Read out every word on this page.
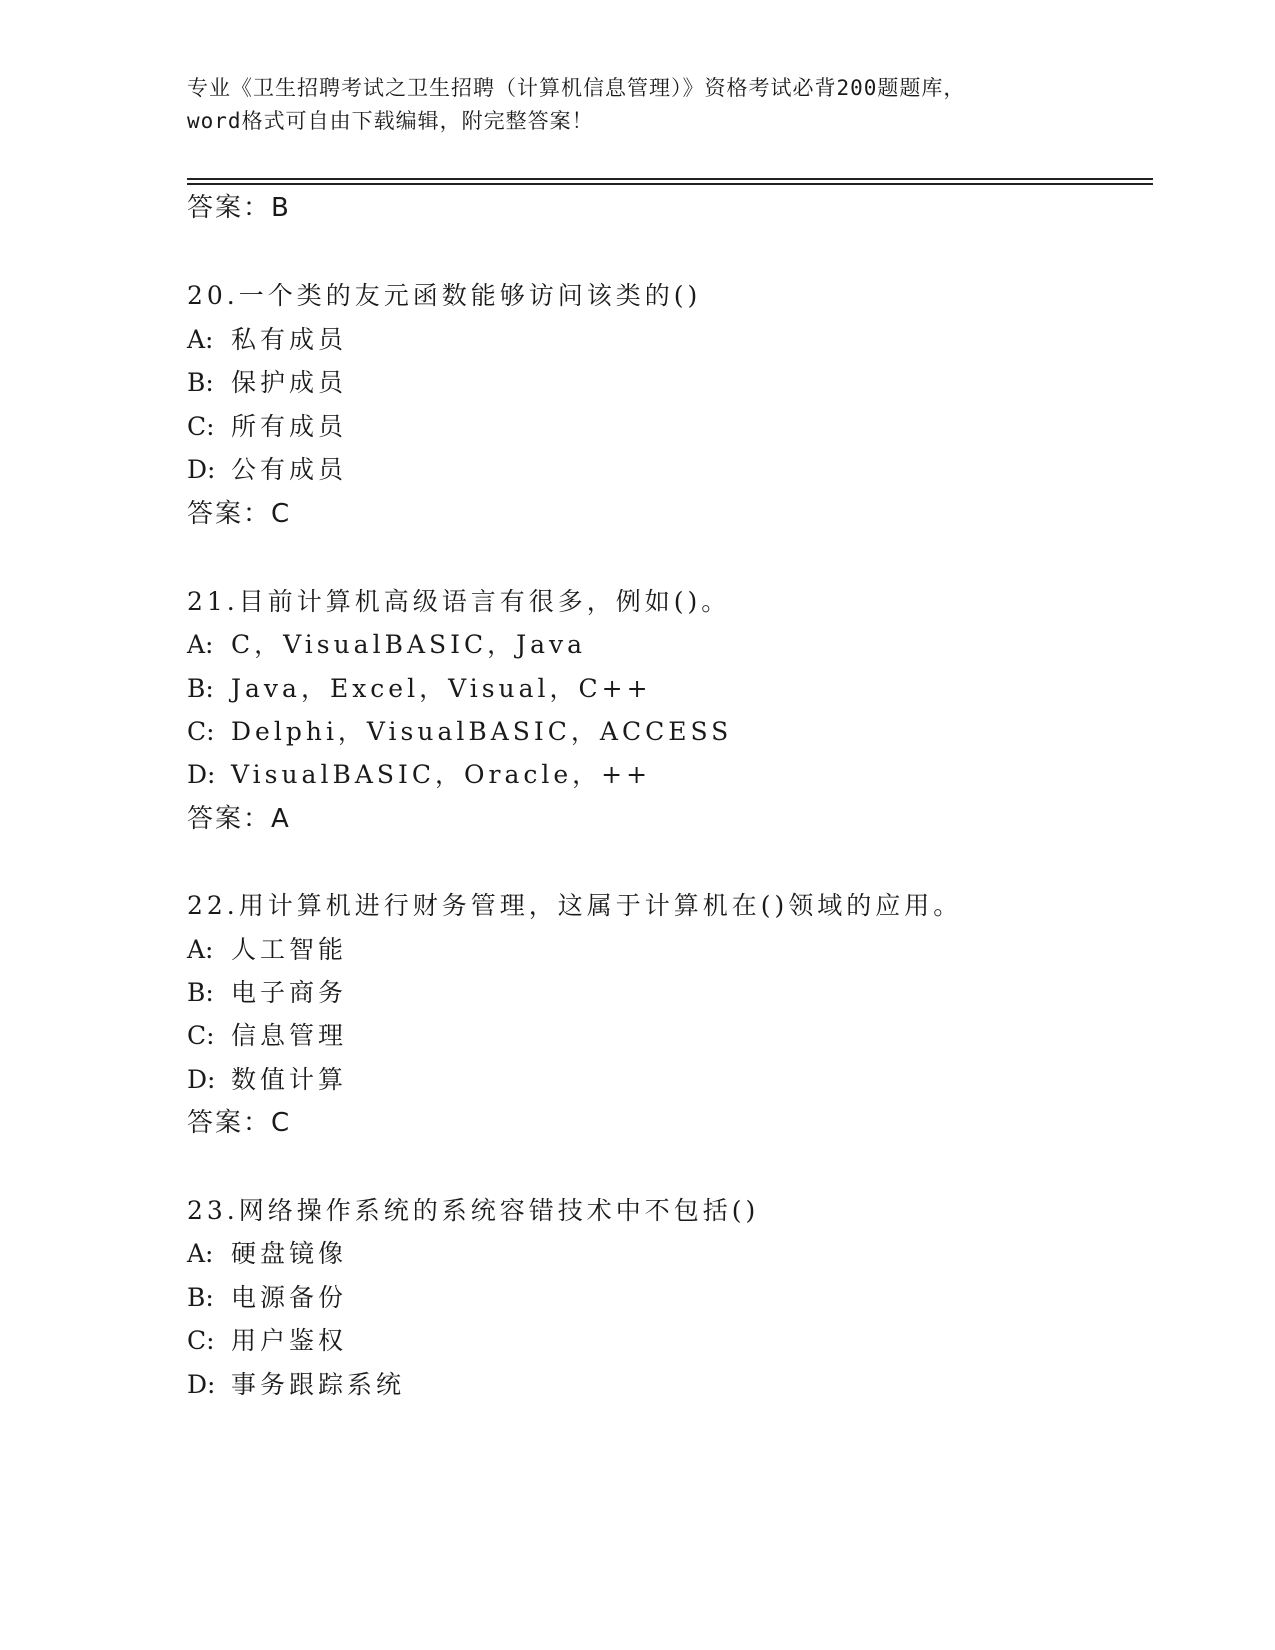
专业《卫生招聘考试之卫生招聘（计算机信息管理）》资格考试必背200题题库，
word格式可自由下载编辑，附完整答案！
答案：B
20.一个类的友元函数能够访问该类的()
A: 私有成员
B: 保护成员
C: 所有成员
D: 公有成员
答案：C
21.目前计算机高级语言有很多，例如()。
A: C，VisualBASIC，Java
B: Java，Excel，Visual，C++
C: Delphi，VisualBASIC，ACCESS
D: VisualBASIC，Oracle，++
答案：A
22.用计算机进行财务管理，这属于计算机在()领域的应用。
A: 人工智能
B: 电子商务
C: 信息管理
D: 数值计算
答案：C
23.网络操作系统的系统容错技术中不包括()
A: 硬盘镜像
B: 电源备份
C: 用户鉴权
D: 事务跟踪系统
